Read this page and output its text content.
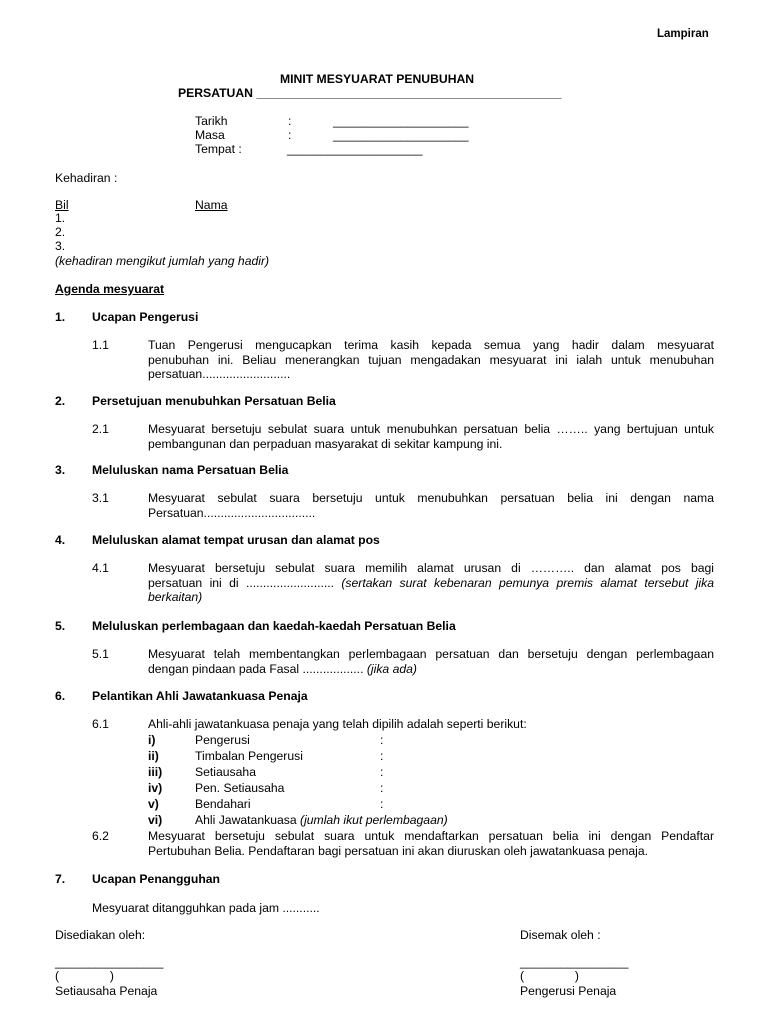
Lampiran
MINIT MESYUARAT PENUBUHAN
PERSATUAN _____________________________________________
Tarikh	:	____________________
Masa	:	____________________
Tempat :	____________________
Kehadiran :
Bil	Nama
1.
2.
3.
(kehadiran mengikut jumlah yang hadir)
Agenda mesyuarat
1. Ucapan Pengerusi
1.1	Tuan Pengerusi mengucapkan terima kasih kepada semua yang hadir dalam mesyuarat
penubuhan ini. Beliau menerangkan tujuan mengadakan mesyuarat ini ialah untuk menubuhan
persatuan..........................
2. Persetujuan menubuhkan Persatuan Belia
2.1	Mesyuarat bersetuju sebulat suara untuk menubuhkan persatuan belia …….. yang bertujuan untuk
pembangunan dan perpaduan masyarakat di sekitar kampung ini.
3. Meluluskan nama Persatuan Belia
3.1	Mesyuarat sebulat suara bersetuju untuk menubuhkan persatuan belia ini dengan nama
Persatuan.................................
4. Meluluskan alamat tempat urusan dan alamat pos
4.1	Mesyuarat bersetuju sebulat suara memilih alamat urusan di ……….. dan alamat pos bagi
persatuan ini di .......................... (sertakan surat kebenaran pemunya premis alamat tersebut jika
berkaitan)
5. Meluluskan perlembagaan dan kaedah-kaedah Persatuan Belia
5.1	Mesyuarat telah membentangkan perlembagaan persatuan dan bersetuju dengan perlembagaan
dengan pindaan pada Fasal .................. (jika ada)
6. Pelantikan Ahli Jawatankuasa Penaja
6.1	Ahli-ahli jawatankuasa penaja yang telah dipilih adalah seperti berikut:
i)	Pengerusi	:
ii)	Timbalan Pengerusi	:
iii)	Setiausaha	:
iv)	Pen. Setiausaha	:
v)	Bendahari	:
vi)	Ahli Jawatankuasa (jumlah ikut perlembagaan)
6.2	Mesyuarat bersetuju sebulat suara untuk mendaftarkan persatuan belia ini dengan Pendaftar
Pertubuhan Belia. Pendaftaran bagi persatuan ini akan diuruskan oleh jawatankuasa penaja.
7. Ucapan Penangguhan
Mesyuarat ditangguhkan pada jam ...........
Disediakan oleh:
________________
(               )
Setiausaha Penaja
Disemak oleh :
________________
(               )
Pengerusi Penaja
